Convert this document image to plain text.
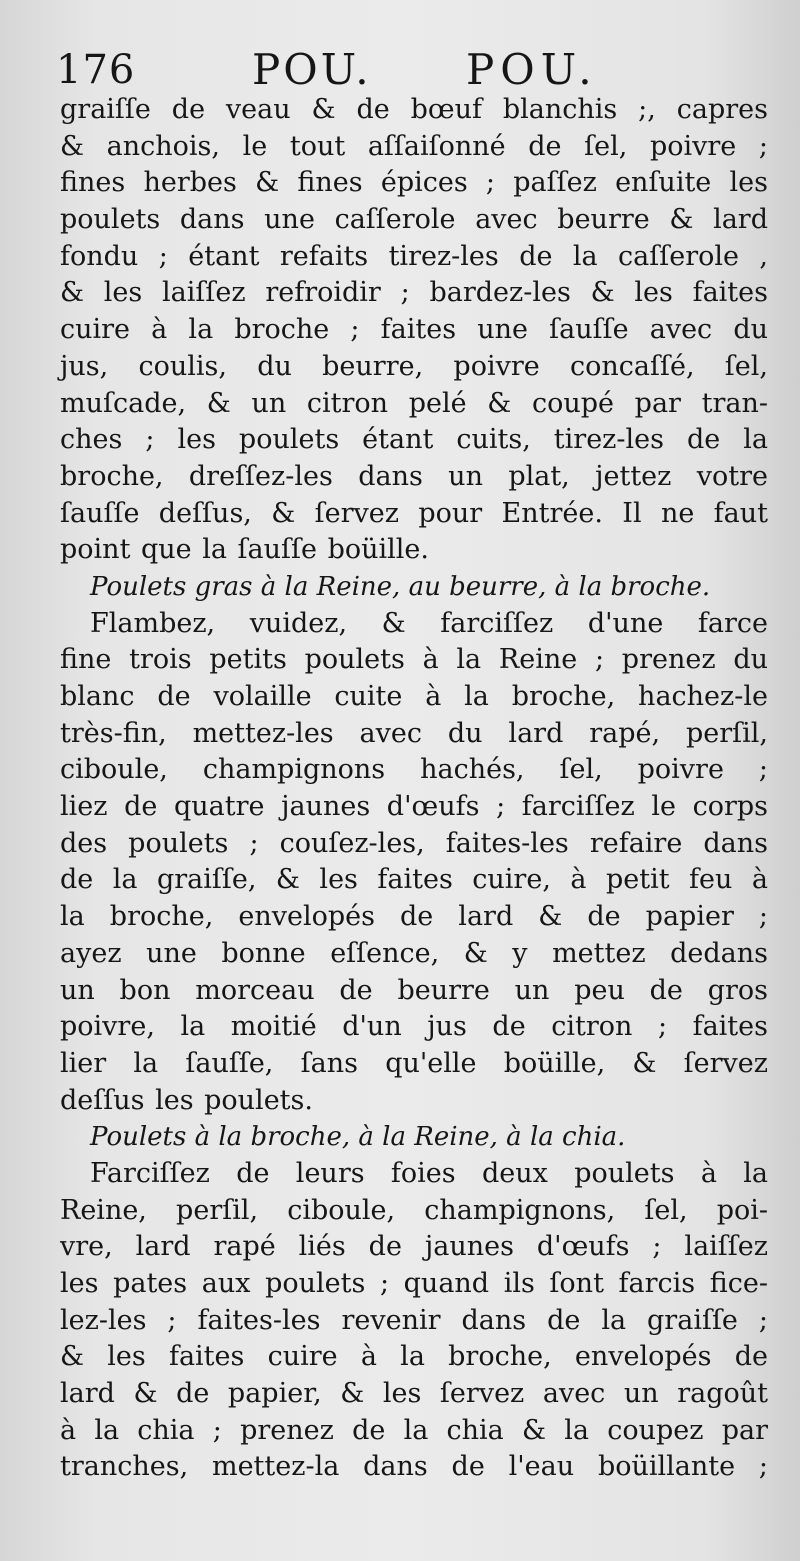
176	POU. POU.
graiſſe de veau & de bœuf blanchis ;, capres
& anchois, le tout aſſaiſonné de ſel, poivre ;
fines herbes & fines épices ; paſſez enſuite les
poulets dans une caſſerole avec beurre & lard
fondu ; étant refaits tirez-les de la caſſerole ,
& les laiſſez refroidir ; bardez-les & les faites
cuire à la broche ; faites une ſauſſe avec du
jus, coulis, du beurre, poivre concaſſé, ſel,
muſcade, & un citron pelé & coupé par tran-
ches ; les poulets étant cuits, tirez-les de la
broche, dreſſez-les dans un plat, jettez votre
ſauſſe deſſus, & ſervez pour Entrée. Il ne faut
point que la ſauſſe boüille.
Poulets gras à la Reine, au beurre, à la broche.
Flambez, vuidez, & farciſſez d'une farce
fine trois petits poulets à la Reine ; prenez du
blanc de volaille cuite à la broche, hachez-le
très-fin, mettez-les avec du lard rapé, perſil,
ciboule, champignons hachés, ſel, poivre ;
liez de quatre jaunes d'œufs ; farciſſez le corps
des poulets ; couſez-les, faites-les refaire dans
de la graiſſe, & les faites cuire, à petit feu à
la broche, envelopés de lard & de papier ;
ayez une bonne eſſence, & y mettez dedans
un bon morceau de beurre un peu de gros
poivre, la moitié d'un jus de citron ; faites
lier la ſauſſe, ſans qu'elle boüille, & ſervez
deſſus les poulets.
Poulets à la broche, à la Reine, à la chia.
Farciſſez de leurs foies deux poulets à la
Reine, perſil, ciboule, champignons, ſel, poi-
vre, lard rapé liés de jaunes d'œufs ; laiſſez
les pates aux poulets ; quand ils ſont farcis fice-
lez-les ; faites-les revenir dans de la graiſſe ;
& les faites cuire à la broche, envelopés de
lard & de papier, & les ſervez avec un ragoût
à la chia ; prenez de la chia & la coupez par
tranches, mettez-la dans de l'eau boüillante ;
